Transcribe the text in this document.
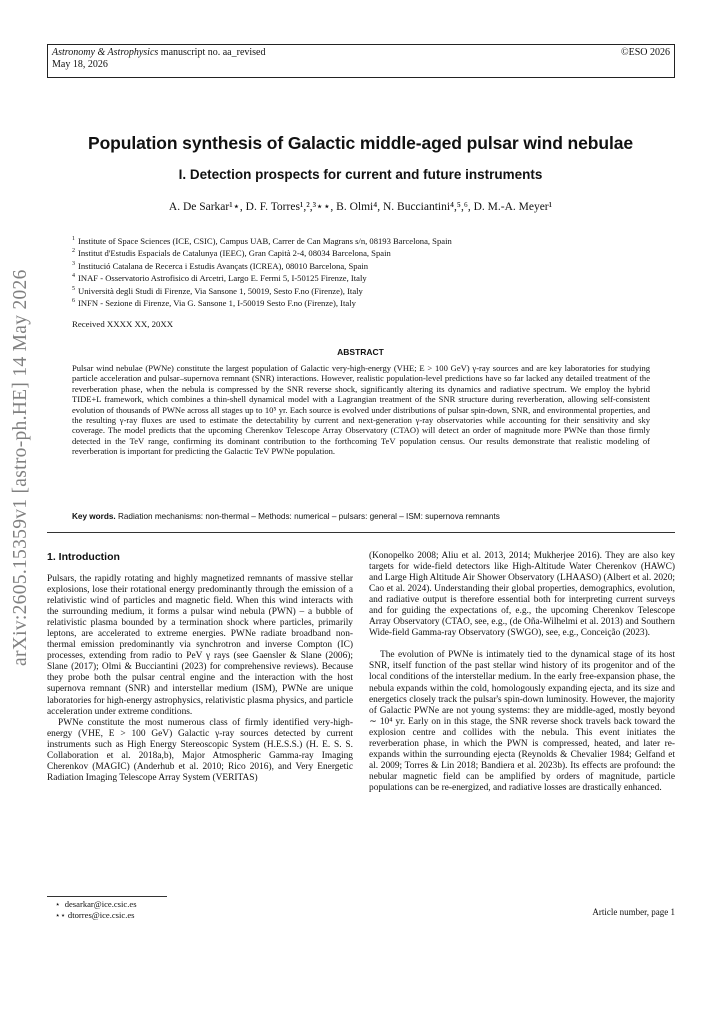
Astronomy & Astrophysics manuscript no. aa_revised
May 18, 2026
©ESO 2026
arXiv:2605.15359v1 [astro-ph.HE] 14 May 2026
Population synthesis of Galactic middle-aged pulsar wind nebulae
I. Detection prospects for current and future instruments
A. De Sarkar¹⋆, D. F. Torres¹,²,³⋆⋆, B. Olmi⁴, N. Bucciantini⁴,⁵,⁶, D. M.-A. Meyer¹
$^1$ Institute of Space Sciences (ICE, CSIC), Campus UAB, Carrer de Can Magrans s/n, 08193 Barcelona, Spain
$^2$ Institut d'Estudis Espacials de Catalunya (IEEC), Gran Capità 2-4, 08034 Barcelona, Spain
$^3$ Institució Catalana de Recerca i Estudis Avançats (ICREA), 08010 Barcelona, Spain
$^4$ INAF - Osservatorio Astrofisico di Arcetri, Largo E. Fermi 5, I-50125 Firenze, Italy
$^5$ Università degli Studi di Firenze, Via Sansone 1, 50019, Sesto F.no (Firenze), Italy
$^6$ INFN - Sezione di Firenze, Via G. Sansone 1, I-50019 Sesto F.no (Firenze), Italy
Received XXXX XX, 20XX
ABSTRACT
Pulsar wind nebulae (PWNe) constitute the largest population of Galactic very-high-energy (VHE; E > 100 GeV) γ-ray sources and are key laboratories for studying particle acceleration and pulsar–supernova remnant (SNR) interactions. However, realistic population-level predictions have so far lacked any detailed treatment of the reverberation phase, when the nebula is compressed by the SNR reverse shock, significantly altering its dynamics and radiative spectrum. We employ the hybrid TIDE+L framework, which combines a thin-shell dynamical model with a Lagrangian treatment of the SNR structure during reverberation, allowing self-consistent evolution of thousands of PWNe across all stages up to 10⁵ yr. Each source is evolved under distributions of pulsar spin-down, SNR, and environmental properties, and the resulting γ-ray fluxes are used to estimate the detectability by current and next-generation γ-ray observatories while accounting for their sensitivity and sky coverage. The model predicts that the upcoming Cherenkov Telescope Array Observatory (CTAO) will detect an order of magnitude more PWNe than those firmly detected in the TeV range, confirming its dominant contribution to the forthcoming TeV population census. Our results demonstrate that realistic modeling of reverberation is important for predicting the Galactic TeV PWNe population.
Key words. Radiation mechanisms: non-thermal – Methods: numerical – pulsars: general – ISM: supernova remnants
1. Introduction

Pulsars, the rapidly rotating and highly magnetized remnants of massive stellar explosions, lose their rotational energy predominantly through the emission of a relativistic wind of particles and magnetic field. When this wind interacts with the surrounding medium, it forms a pulsar wind nebula (PWN) – a bubble of relativistic plasma bounded by a termination shock where particles, primarily leptons, are accelerated to extreme energies. PWNe radiate broadband non-thermal emission predominantly via synchrotron and inverse Compton (IC) processes, extending from radio to PeV γ rays (see Gaensler & Slane (2006); Slane (2017); Olmi & Bucciantini (2023) for comprehensive reviews). Because they probe both the pulsar central engine and the interaction with the host supernova remnant (SNR) and interstellar medium (ISM), PWNe are unique laboratories for high-energy astrophysics, relativistic plasma physics, and particle acceleration under extreme conditions.

PWNe constitute the most numerous class of firmly identified very-high-energy (VHE, E > 100 GeV) Galactic γ-ray sources detected by current instruments such as High Energy Stereoscopic System (H.E.S.S.) (H. E. S. S. Collaboration et al. 2018a,b), Major Atmospheric Gamma-ray Imaging Cherenkov (MAGIC) (Anderhub et al. 2010; Rico 2016), and Very Energetic Radiation Imaging Telescope Array System (VERITAS)

(Konopelko 2008; Aliu et al. 2013, 2014; Mukherjee 2016). They are also key targets for wide-field detectors like High-Altitude Water Cherenkov (HAWC) and Large High Altitude Air Shower Observatory (LHAASO) (Albert et al. 2020; Cao et al. 2024). Understanding their global properties, demographics, evolution, and radiative output is therefore essential both for interpreting current surveys and for guiding the expectations of, e.g., the upcoming Cherenkov Telescope Array Observatory (CTAO, see, e.g., (de Oña-Wilhelmi et al. 2013) and Southern Wide-field Gamma-ray Observatory (SWGO), see, e.g., Conceição (2023).

The evolution of PWNe is intimately tied to the dynamical stage of its host SNR, itself function of the past stellar wind history of its progenitor and of the local conditions of the interstellar medium. In the early free-expansion phase, the nebula expands within the cold, homologously expanding ejecta, and its size and energetics closely track the pulsar's spin-down luminosity. However, the majority of Galactic PWNe are not young systems: they are middle-aged, mostly beyond ∼ 10⁴ yr. Early on in this stage, the SNR reverse shock travels back toward the explosion centre and collides with the nebula. This event initiates the reverberation phase, in which the PWN is compressed, heated, and later re-expands within the surrounding ejecta (Reynolds & Chevalier 1984; Gelfand et al. 2009; Torres & Lin 2018; Bandiera et al. 2023b). Its effects are profound: the nebular magnetic field can be amplified by orders of magnitude, particle populations can be re-energized, and radiative losses are drastically enhanced.

⋆ desarkar@ice.csic.es
⋆⋆ dtorres@ice.csic.es	Article number, page 1
